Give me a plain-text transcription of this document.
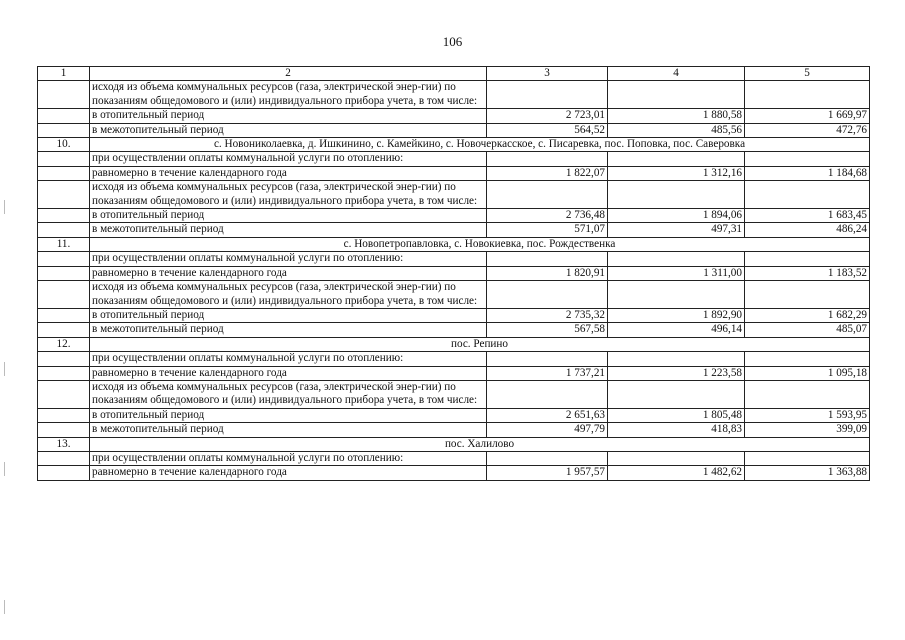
106
1	2	3	4	5
	исходя из объема коммунальных ресурсов (газа, электрической энер-гии) по показаниям общедомового и (или) индивидуального прибора учета, в том числе:			
	в отопительный период	2 723,01	1 880,58	1 669,97
	в межотопительный период	564,52	485,56	472,76
10.	с. Новониколаевка, д. Ишкинино, с. Камейкино, с. Новочеркасское, с. Писаревка, пос. Поповка, пос. Саверовка			
	при осуществлении оплаты коммунальной услуги по отоплению:			
	равномерно в течение календарного года	1 822,07	1 312,16	1 184,68
	исходя из объема коммунальных ресурсов (газа, электрической энер-гии) по показаниям общедомового и (или) индивидуального прибора учета, в том числе:			
	в отопительный период	2 736,48	1 894,06	1 683,45
	в межотопительный период	571,07	497,31	486,24
11.	с. Новопетропавловка, с. Новокиевка, пос. Рождественка			
	при осуществлении оплаты коммунальной услуги по отоплению:			
	равномерно в течение календарного года	1 820,91	1 311,00	1 183,52
	исходя из объема коммунальных ресурсов (газа, электрической энер-гии) по показаниям общедомового и (или) индивидуального прибора учета, в том числе:			
	в отопительный период	2 735,32	1 892,90	1 682,29
	в межотопительный период	567,58	496,14	485,07
12.	пос. Репино			
	при осуществлении оплаты коммунальной услуги по отоплению:			
	равномерно в течение календарного года	1 737,21	1 223,58	1 095,18
	исходя из объема коммунальных ресурсов (газа, электрической энер-гии) по показаниям общедомового и (или) индивидуального прибора учета, в том числе:			
	в отопительный период	2 651,63	1 805,48	1 593,95
	в межотопительный период	497,79	418,83	399,09
13.	пос. Халилово			
	при осуществлении оплаты коммунальной услуги по отоплению:			
	равномерно в течение календарного года	1 957,57	1 482,62	1 363,88
